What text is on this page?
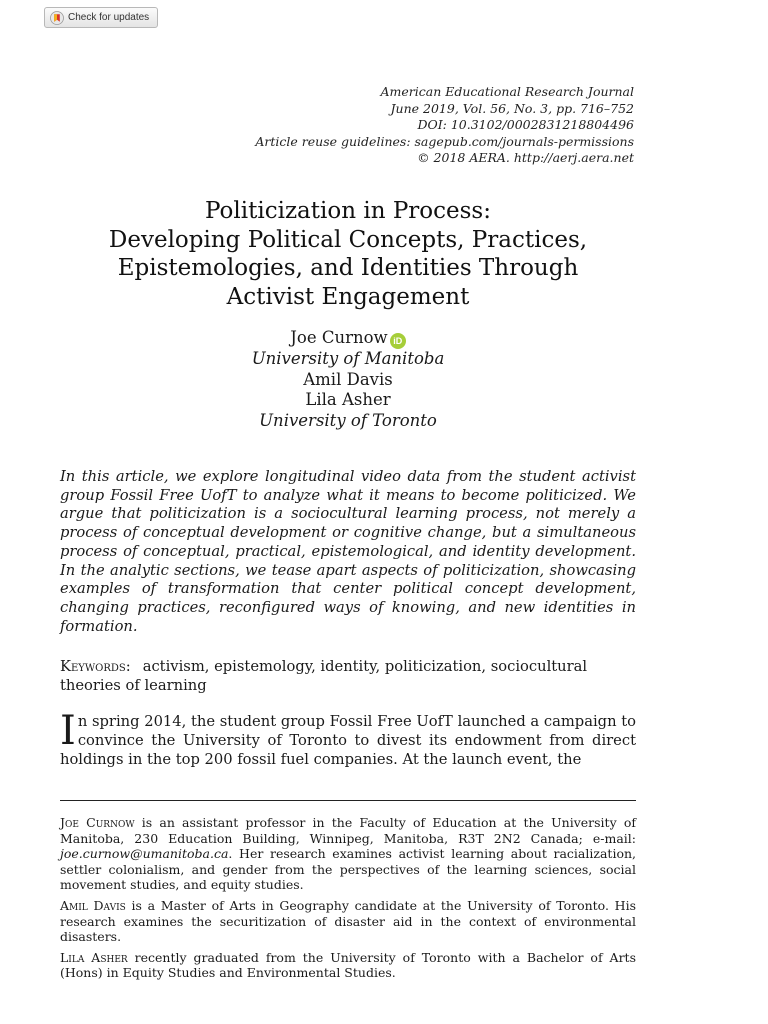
Check for updates
American Educational Research Journal
June 2019, Vol. 56, No. 3, pp. 716–752
DOI: 10.3102/0002831218804496
Article reuse guidelines: sagepub.com/journals-permissions
© 2018 AERA. http://aerj.aera.net
Politicization in Process:
Developing Political Concepts, Practices,
Epistemologies, and Identities Through
Activist Engagement
Joe Curnow iD
University of Manitoba
Amil Davis
Lila Asher
University of Toronto

In this article, we explore longitudinal video data from the student activist group Fossil Free UofT to analyze what it means to become politicized. We argue that politicization is a sociocultural learning process, not merely a process of conceptual development or cognitive change, but a simultaneous process of conceptual, practical, epistemological, and identity development. In the analytic sections, we tease apart aspects of politicization, showcasing examples of transformation that center political concept development, changing practices, reconfigured ways of knowing, and new identities in formation.

Keywords: activism, epistemology, identity, politicization, sociocultural theories of learning

In spring 2014, the student group Fossil Free UofT launched a campaign to convince the University of Toronto to divest its endowment from direct holdings in the top 200 fossil fuel companies. At the launch event, the

Joe Curnow is an assistant professor in the Faculty of Education at the University of Manitoba, 230 Education Building, Winnipeg, Manitoba, R3T 2N2 Canada; e-mail: joe.curnow@umanitoba.ca. Her research examines activist learning about racialization, settler colonialism, and gender from the perspectives of the learning sciences, social movement studies, and equity studies.

Amil Davis is a Master of Arts in Geography candidate at the University of Toronto. His research examines the securitization of disaster aid in the context of environmental disasters.

Lila Asher recently graduated from the University of Toronto with a Bachelor of Arts (Hons) in Equity Studies and Environmental Studies.
